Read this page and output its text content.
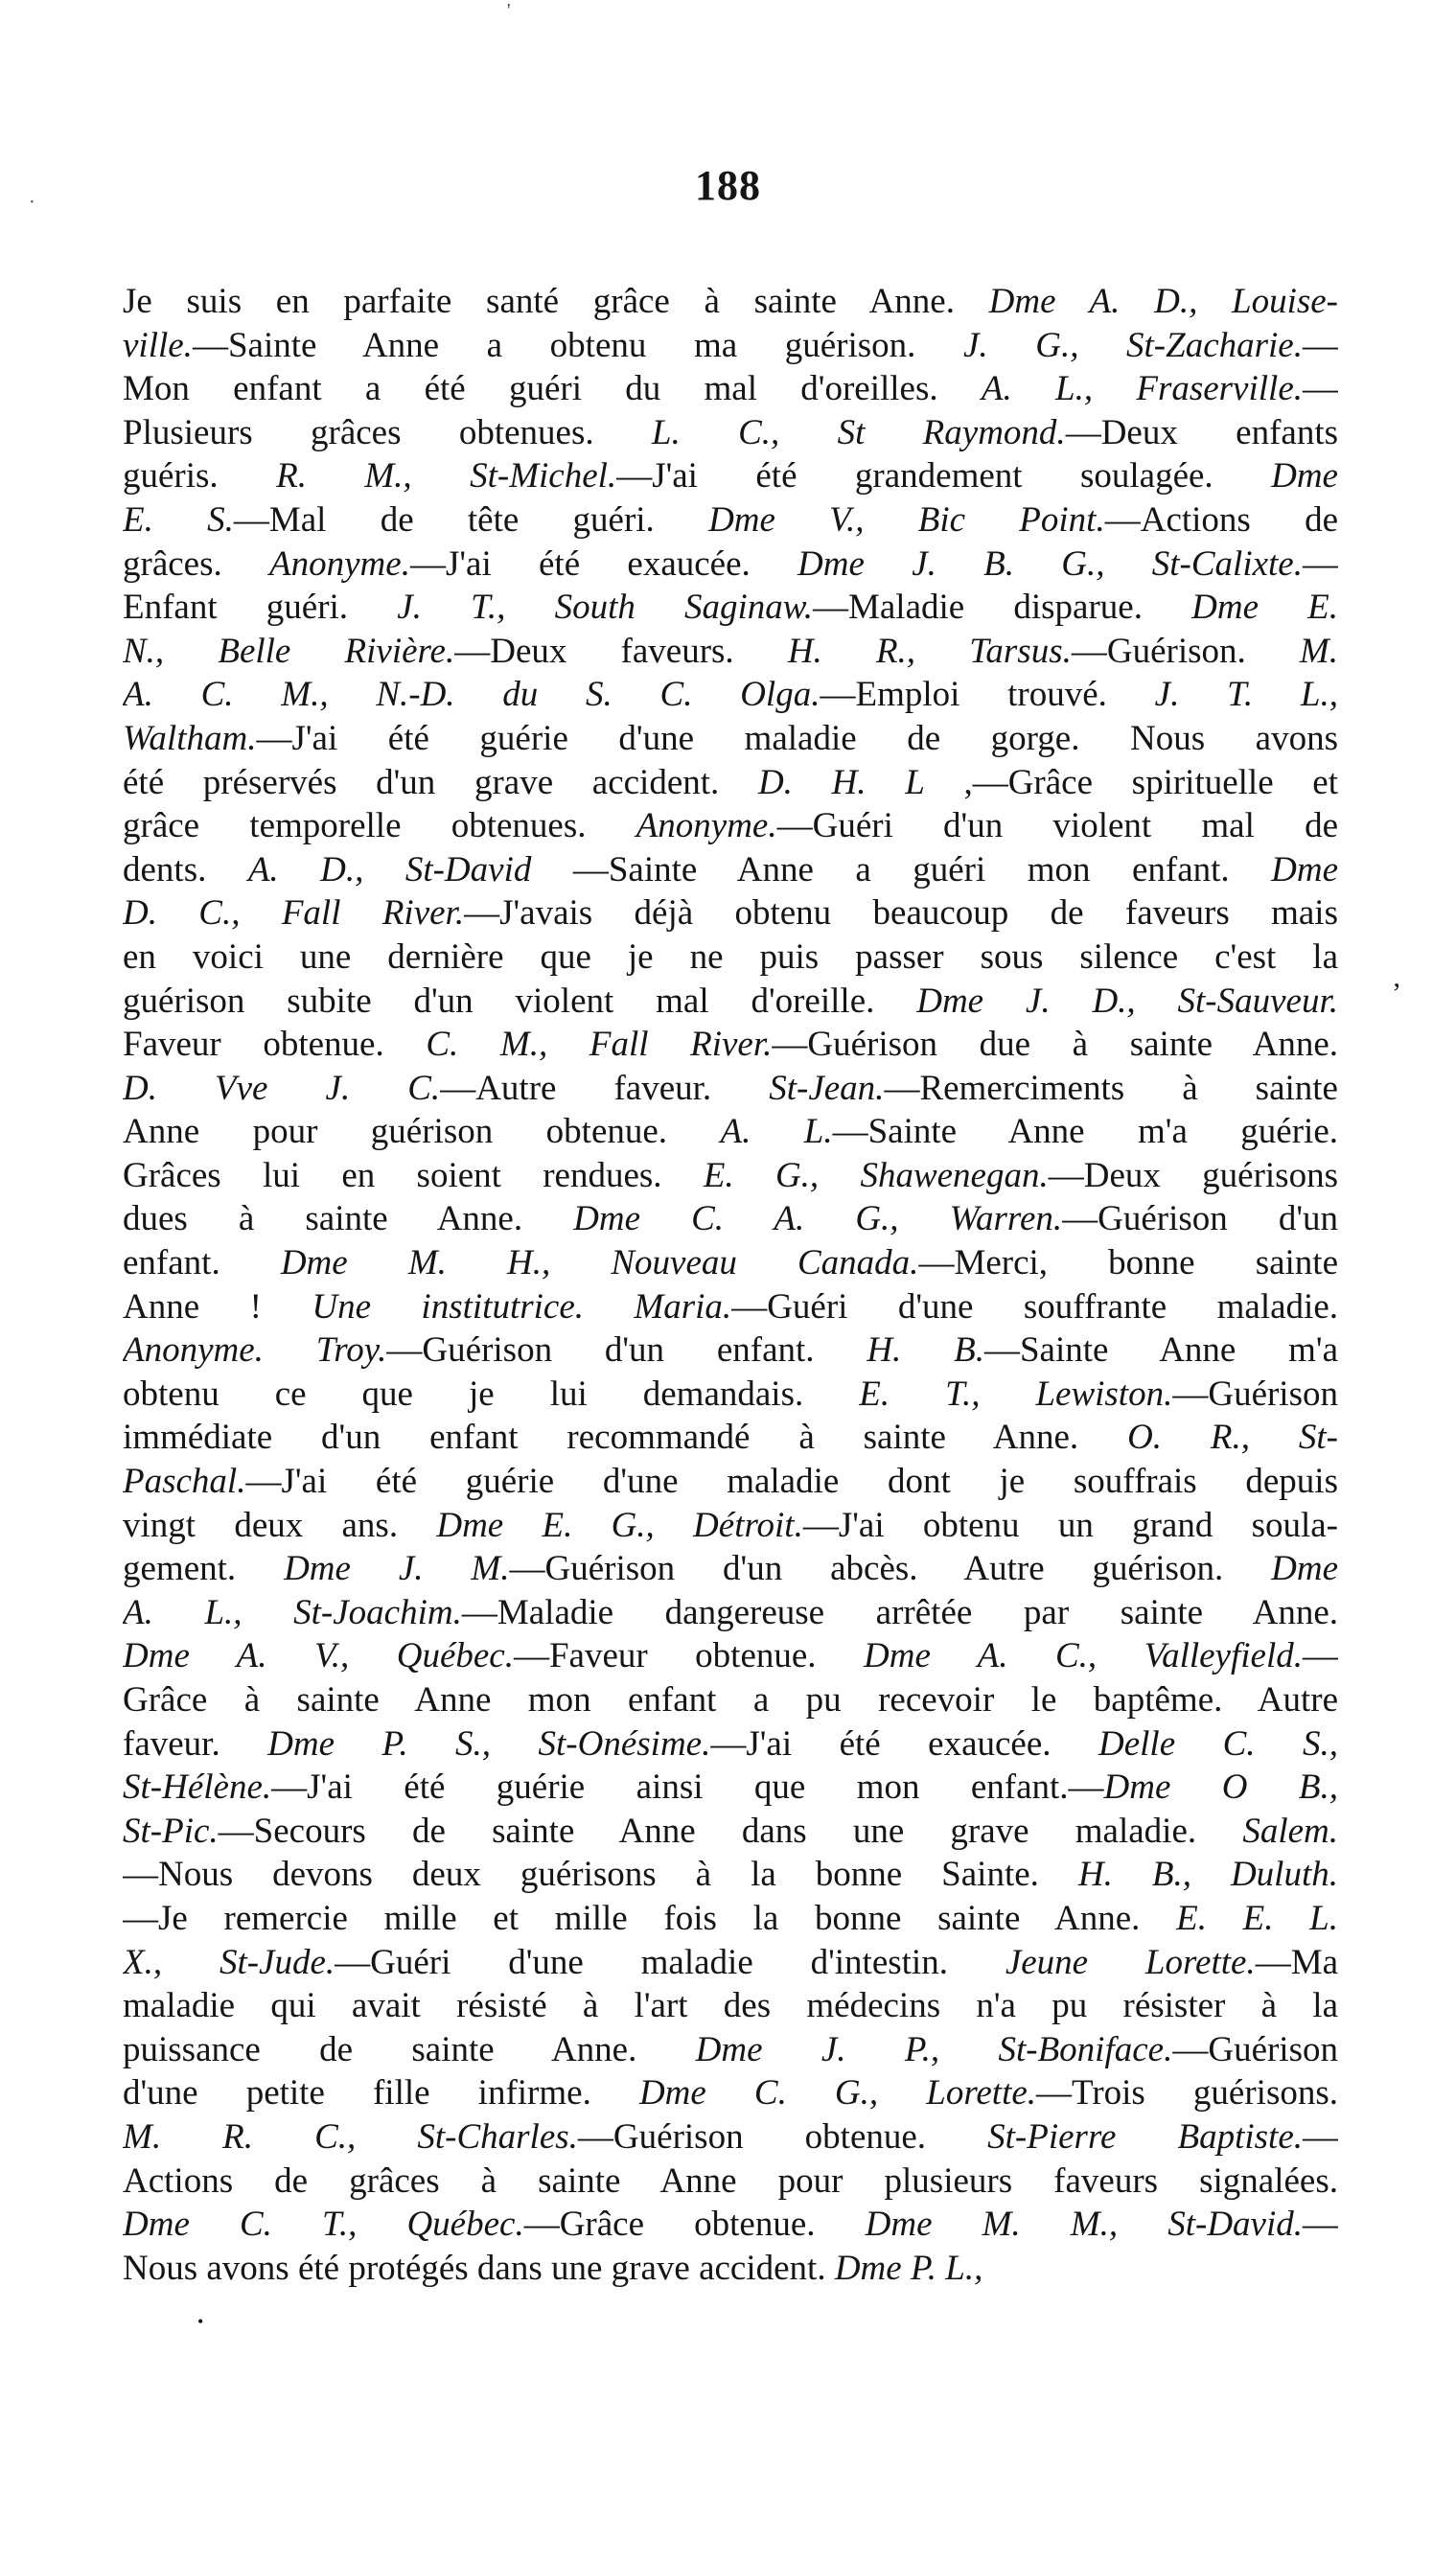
'
·	188
Je suis en parfaite santé grâce à sainte Anne. Dme A. D., Louise-
ville.—Sainte Anne a obtenu ma guérison. J. G., St-Zacharie.—
Mon enfant a été guéri du mal d'oreilles. A. L., Fraserville.—
Plusieurs grâces obtenues. L. C., St Raymond.—Deux enfants
guéris. R. M., St-Michel.—J'ai été grandement soulagée. Dme
E. S.—Mal de tête guéri. Dme V., Bic Point.—Actions de
grâces. Anonyme.—J'ai été exaucée. Dme J. B. G., St-Calixte.—
Enfant guéri. J. T., South Saginaw.—Maladie disparue. Dme E.
N., Belle Rivière.—Deux faveurs. H. R., Tarsus.—Guérison. M.
A. C. M., N.-D. du S. C. Olga.—Emploi trouvé. J. T. L.,
Waltham.—J'ai été guérie d'une maladie de gorge. Nous avons
été préservés d'un grave accident. D. H. L ,—Grâce spirituelle et
grâce temporelle obtenues. Anonyme.—Guéri d'un violent mal de
dents. A. D., St-David —Sainte Anne a guéri mon enfant. Dme
D. C., Fall River.—J'avais déjà obtenu beaucoup de faveurs mais
en voici une dernière que je ne puis passer sous silence c'est la
guérison subite d'un violent mal d'oreille. Dme J. D., St-Sauveur.
Faveur obtenue. C. M., Fall River.—Guérison due à sainte Anne.
D. Vve J. C.—Autre faveur. St-Jean.—Remerciments à sainte
Anne pour guérison obtenue. A. L.—Sainte Anne m'a guérie.
Grâces lui en soient rendues. E. G., Shawenegan.—Deux guérisons
dues à sainte Anne. Dme C. A. G., Warren.—Guérison d'un
enfant. Dme M. H., Nouveau Canada.—Merci, bonne sainte
Anne ! Une institutrice. Maria.—Guéri d'une souffrante maladie.
Anonyme. Troy.—Guérison d'un enfant. H. B.—Sainte Anne m'a
obtenu ce que je lui demandais. E. T., Lewiston.—Guérison
immédiate d'un enfant recommandé à sainte Anne. O. R., St-
Paschal.—J'ai été guérie d'une maladie dont je souffrais depuis
vingt deux ans. Dme E. G., Détroit.—J'ai obtenu un grand soula-
gement. Dme J. M.—Guérison d'un abcès. Autre guérison. Dme
A. L., St-Joachim.—Maladie dangereuse arrêtée par sainte Anne.
Dme A. V., Québec.—Faveur obtenue. Dme A. C., Valleyfield.—
Grâce à sainte Anne mon enfant a pu recevoir le baptême. Autre
faveur. Dme P. S., St-Onésime.—J'ai été exaucée. Delle C. S.,
St-Hélène.—J'ai été guérie ainsi que mon enfant.—Dme O B.,
St-Pic.—Secours de sainte Anne dans une grave maladie. Salem.
—Nous devons deux guérisons à la bonne Sainte. H. B., Duluth.
—Je remercie mille et mille fois la bonne sainte Anne. E. E. L.
X., St-Jude.—Guéri d'une maladie d'intestin. Jeune Lorette.—Ma
maladie qui avait résisté à l'art des médecins n'a pu résister à la
puissance de sainte Anne. Dme J. P., St-Boniface.—Guérison
d'une petite fille infirme. Dme C. G., Lorette.—Trois guérisons.
M. R. C., St-Charles.—Guérison obtenue. St-Pierre Baptiste.—
Actions de grâces à sainte Anne pour plusieurs faveurs signalées.
Dme C. T., Québec.—Grâce obtenue. Dme M. M., St-David.—
Nous avons été protégés dans une grave accident. Dme P. L.,
ʼ
•
